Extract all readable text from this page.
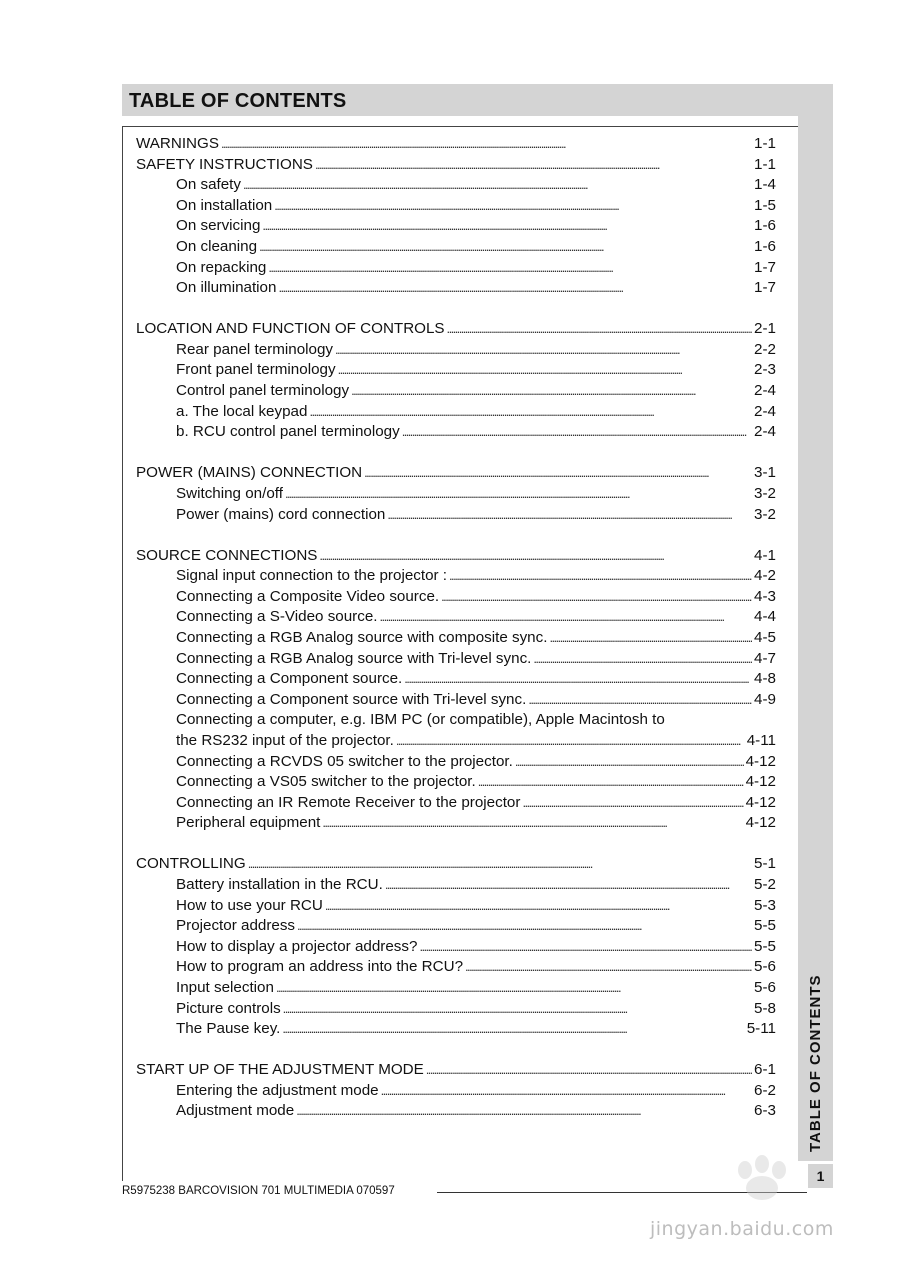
TABLE OF CONTENTS
TABLE OF CONTENTS
1
WARNINGS . . .	1-1
SAFETY INSTRUCTIONS . . .	1-1
On safety . . .	1-4
On installation . . .	1-5
On servicing . . .	1-6
On cleaning . . .	1-6
On repacking . . .	1-7
On illumination . . .	1-7
LOCATION AND FUNCTION OF CONTROLS . . .	2-1
Rear panel terminology . . .	2-2
Front panel terminology . . .	2-3
Control panel terminology . . .	2-4
a. The local keypad . . .	2-4
b. RCU control panel terminology . . .	2-4
POWER (MAINS) CONNECTION . . .	3-1
Switching on/off . . .	3-2
Power (mains) cord connection . . .	3-2
SOURCE CONNECTIONS . . .	4-1
Signal input connection to the projector : . . .	4-2
Connecting a Composite Video source. . . .	4-3
Connecting a S-Video source. . . .	4-4
Connecting a RGB Analog source with composite sync. . . .	4-5
Connecting a RGB Analog source with Tri-level sync. . . .	4-7
Connecting a Component source. . . .	4-8
Connecting a Component source with Tri-level sync. . . .	4-9
Connecting a computer, e.g. IBM PC (or compatible), Apple Macintosh to
the RS232 input of the projector. . . .	4-11
Connecting a RCVDS 05 switcher to the projector. . . .	4-12
Connecting a VS05 switcher to the projector. . . .	4-12
Connecting an IR Remote Receiver to the projector . . .	4-12
Peripheral equipment . . .	4-12
CONTROLLING . . .	5-1
Battery installation in the RCU. . . .	5-2
How to use your RCU . . .	5-3
Projector address . . .	5-5
How to display a projector address? . . .	5-5
How to program an address into the RCU? . . .	5-6
Input selection . . .	5-6
Picture controls . . .	5-8
The Pause key. . . .	5-11
START UP OF THE ADJUSTMENT MODE . . .	6-1
Entering the adjustment mode . . .	6-2
Adjustment mode . . .	6-3
R5975238 BARCOVISION 701 MULTIMEDIA 070597
jingyan.baidu.com
